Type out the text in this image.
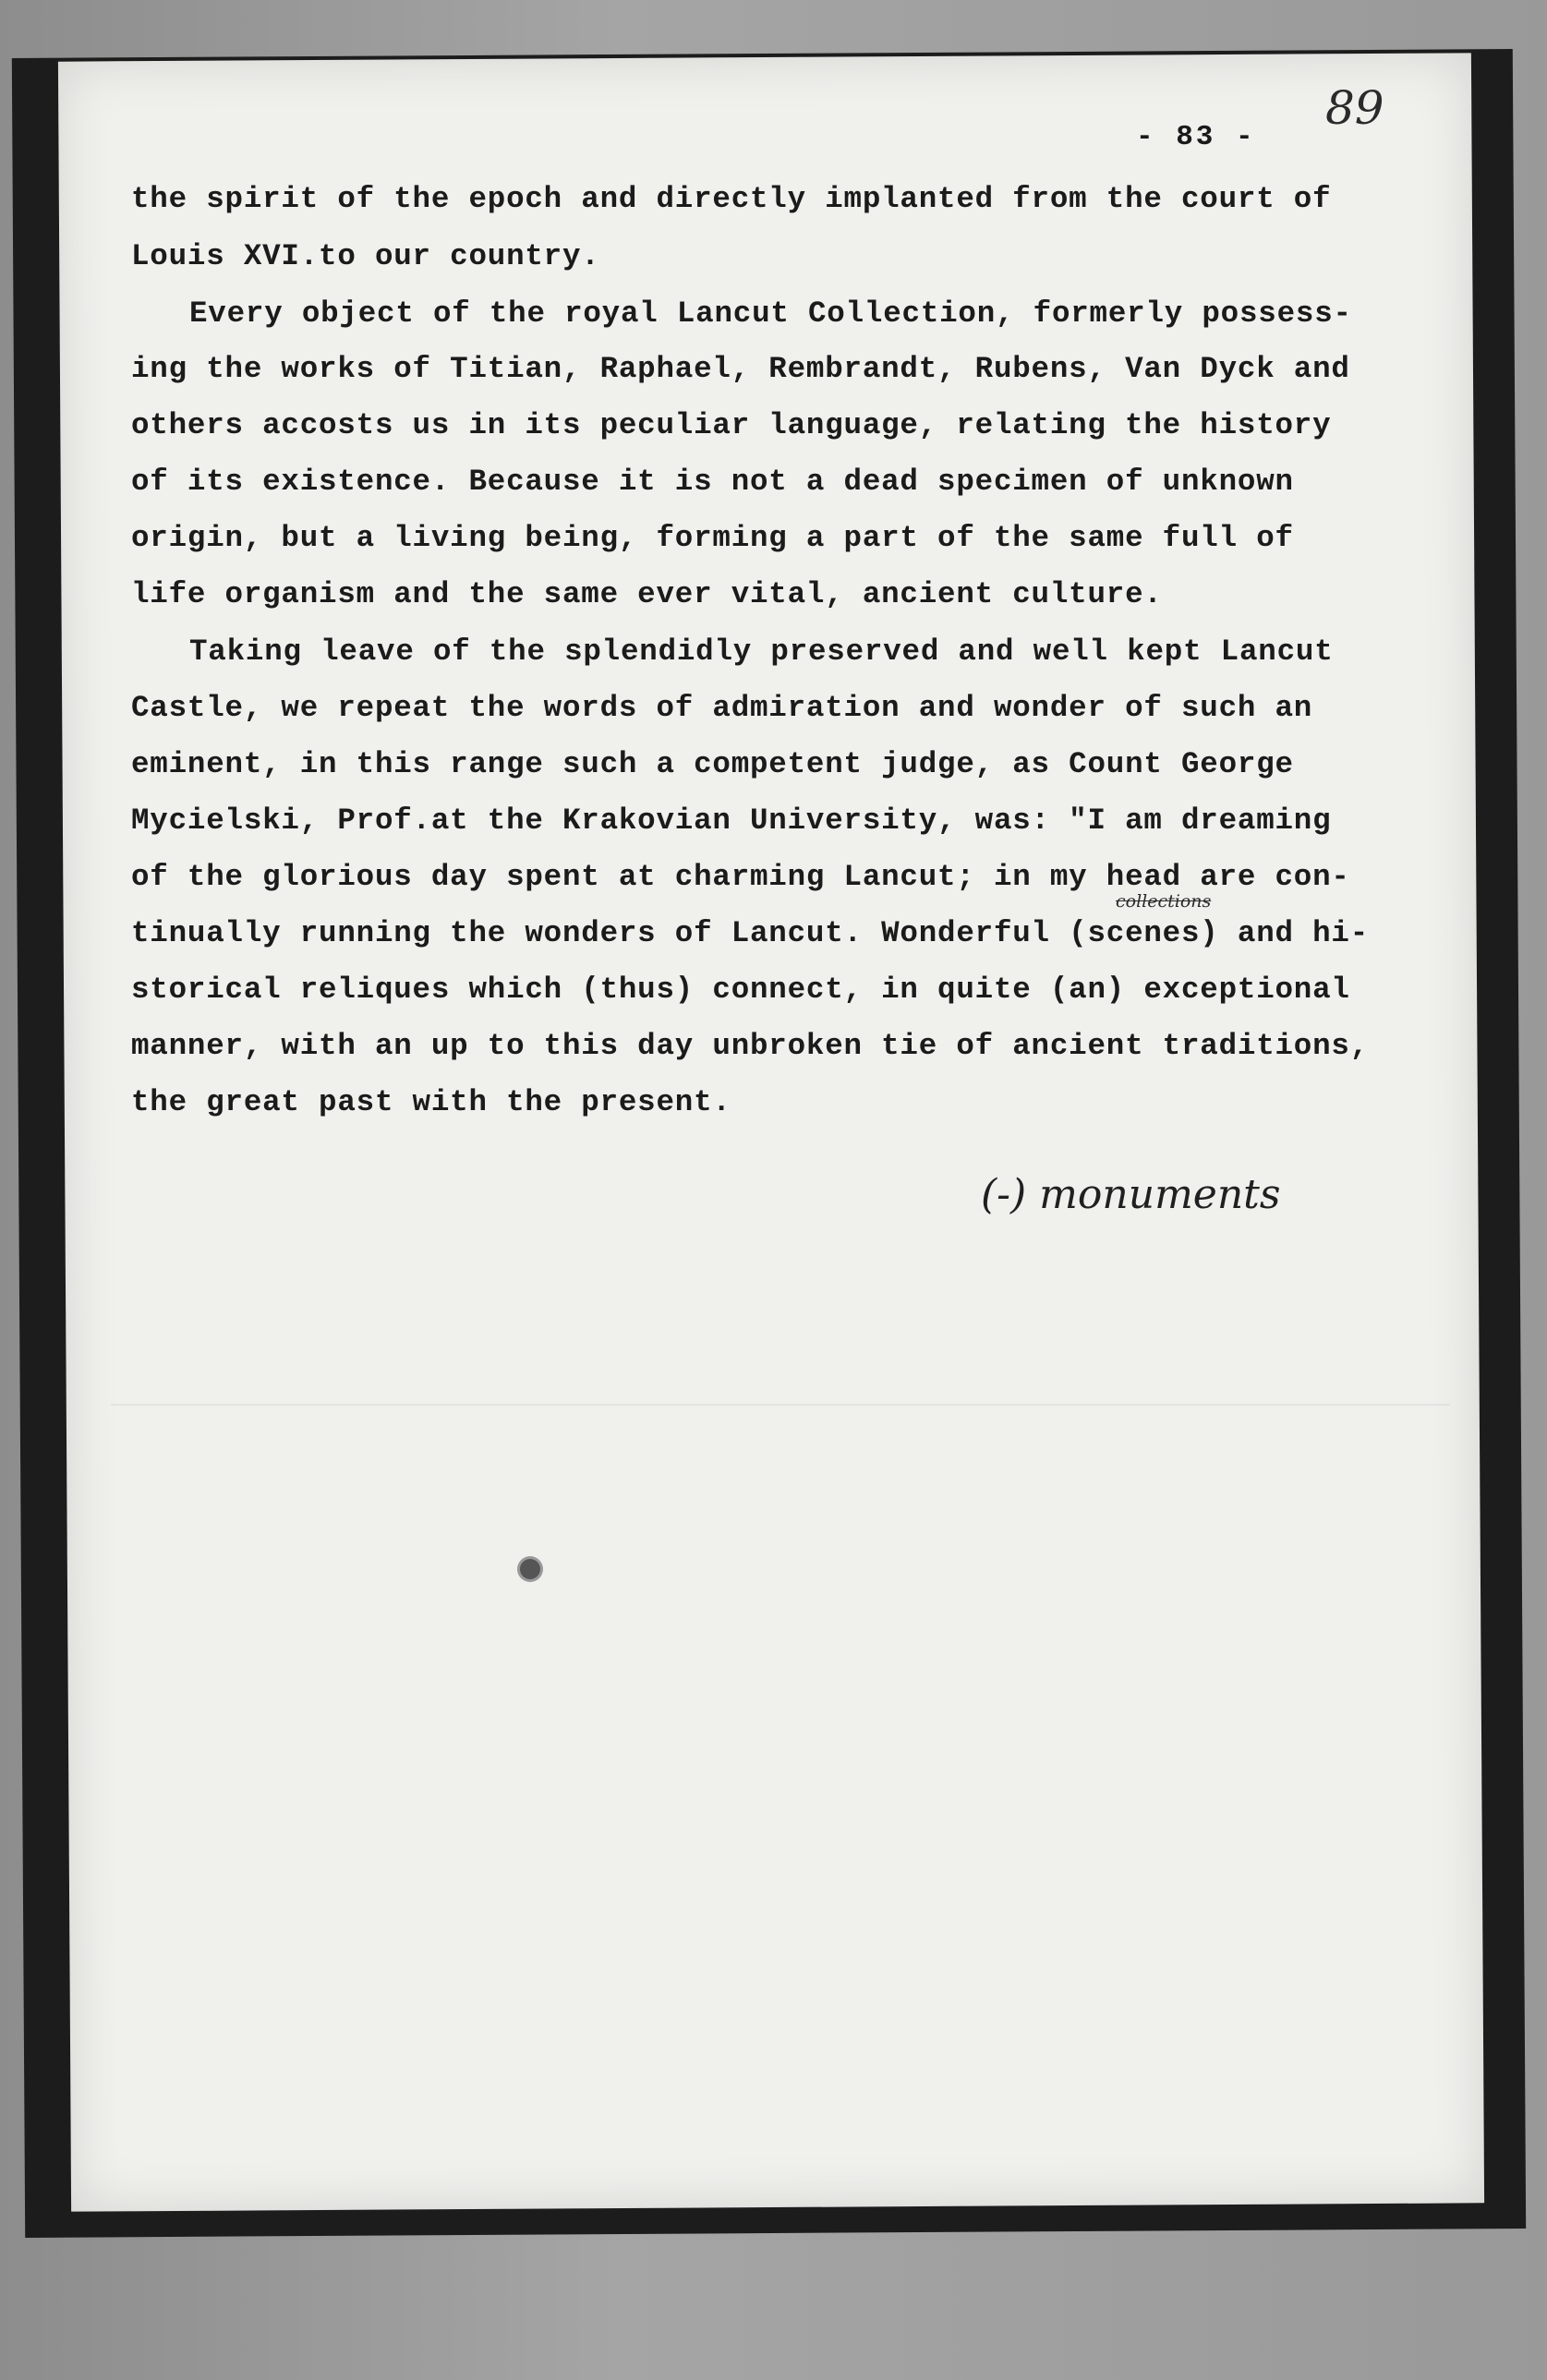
89
- 83 -
the spirit of the epoch and directly implanted from the court of
Louis XVI.to our country.
Every object of the royal Lancut Collection, formerly possess-
ing the works of Titian, Raphael, Rembrandt, Rubens, Van Dyck and
others accosts us in its peculiar language, relating the history
of its existence. Because it is not a dead specimen of unknown
origin, but a living being, forming a part of the same full of
life organism and the same ever vital, ancient culture.
Taking leave of the splendidly preserved and well kept Lancut
Castle, we repeat the words of admiration and wonder of such an
eminent, in this range such a competent judge, as Count George
Mycielski, Prof.at the Krakovian University, was: "I am dreaming
of the glorious day spent at charming Lancut; in my head are con-
tinually running the wonders of Lancut. Wonderful (scenes) and hi-
storical reliques which (thus) connect, in quite (an) exceptional
manner, with an up to this day unbroken tie of ancient traditions,
the great past with the present.
collections
(-) monuments
